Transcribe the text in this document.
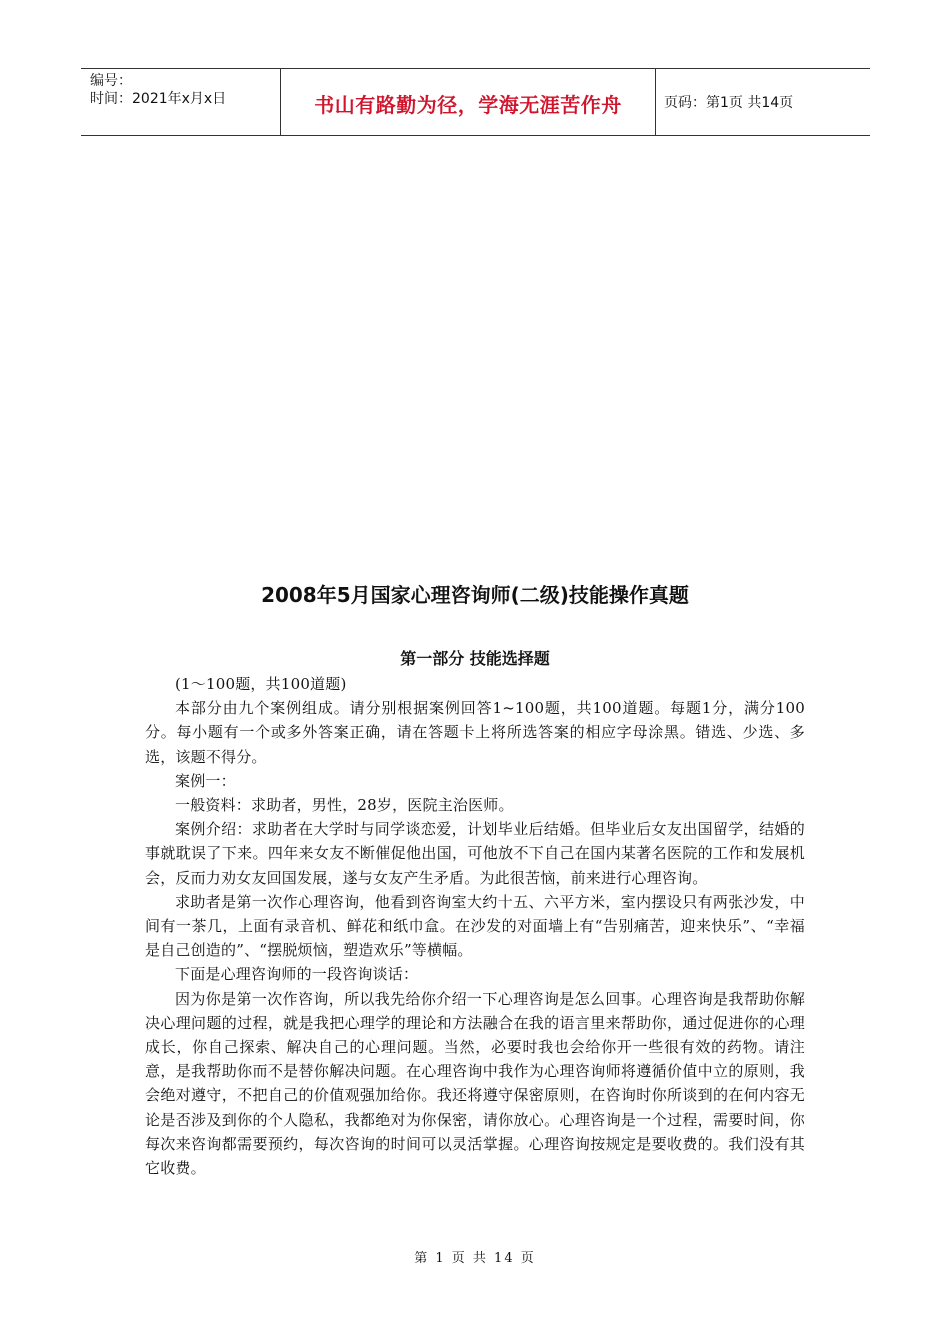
编号：
时间：2021年x月x日	书山有路勤为径，学海无涯苦作舟	页码：第1页 共14页
2008年5月国家心理咨询师(二级)技能操作真题
第一部分 技能选择题

(1～100题，共100道题)

本部分由九个案例组成。请分别根据案例回答1~100题，共100道题。每题1分，满分100分。每小题有一个或多外答案正确，请在答题卡上将所选答案的相应字母涂黑。错选、少选、多选，该题不得分。

案例一：

一般资料：求助者，男性，28岁，医院主治医师。

案例介绍：求助者在大学时与同学谈恋爱，计划毕业后结婚。但毕业后女友出国留学，结婚的事就耽误了下来。四年来女友不断催促他出国，可他放不下自己在国内某著名医院的工作和发展机会，反而力劝女友回国发展，遂与女友产生矛盾。为此很苦恼，前来进行心理咨询。

求助者是第一次作心理咨询，他看到咨询室大约十五、六平方米，室内摆设只有两张沙发，中间有一茶几，上面有录音机、鲜花和纸巾盒。在沙发的对面墙上有“告别痛苦，迎来快乐”、“幸福是自己创造的”、“摆脱烦恼，塑造欢乐”等横幅。

下面是心理咨询师的一段咨询谈话：

因为你是第一次作咨询，所以我先给你介绍一下心理咨询是怎么回事。心理咨询是我帮助你解决心理问题的过程，就是我把心理学的理论和方法融合在我的语言里来帮助你，通过促进你的心理成长，你自己探索、解决自己的心理问题。当然，必要时我也会给你开一些很有效的药物。请注意，是我帮助你而不是替你解决问题。在心理咨询中我作为心理咨询师将遵循价值中立的原则，我会绝对遵守，不把自己的价值观强加给你。我还将遵守保密原则，在咨询时你所谈到的在何内容无论是否涉及到你的个人隐私，我都绝对为你保密，请你放心。心理咨询是一个过程，需要时间，你每次来咨询都需要预约，每次咨询的时间可以灵活掌握。心理咨询按规定是要收费的。我们没有其它收费。

第 1 页 共 14 页
